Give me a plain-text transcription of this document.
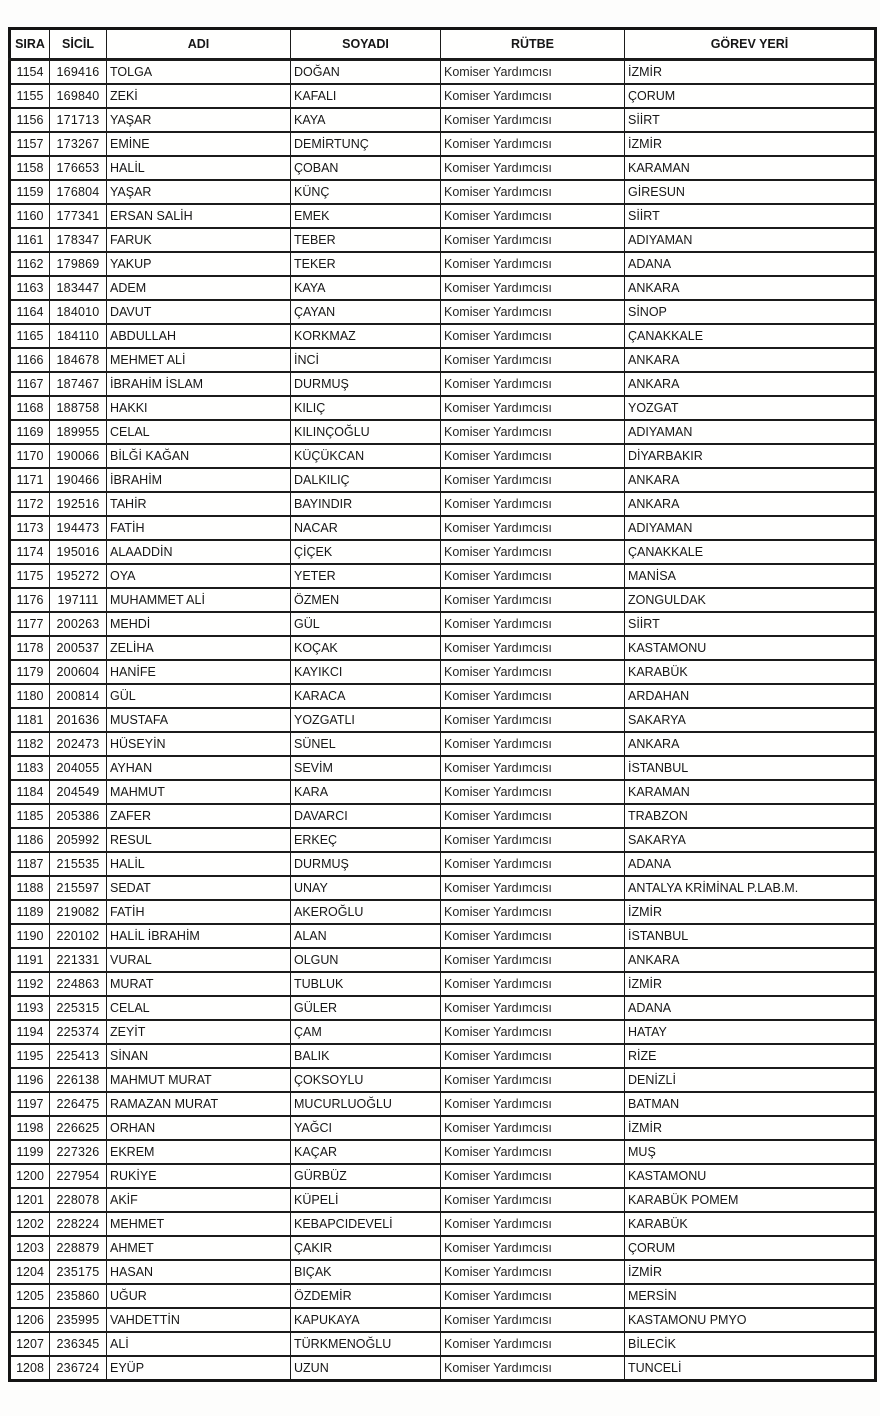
SIRA	SİCİL	ADI	SOYADI	RÜTBE	GÖREV YERİ
1154	169416	TOLGA	DOĞAN	Komiser Yardımcısı	İZMİR
1155	169840	ZEKİ	KAFALI	Komiser Yardımcısı	ÇORUM
1156	171713	YAŞAR	KAYA	Komiser Yardımcısı	SİİRT
1157	173267	EMİNE	DEMİRTUNÇ	Komiser Yardımcısı	İZMİR
1158	176653	HALİL	ÇOBAN	Komiser Yardımcısı	KARAMAN
1159	176804	YAŞAR	KÜNÇ	Komiser Yardımcısı	GİRESUN
1160	177341	ERSAN SALİH	EMEK	Komiser Yardımcısı	SİİRT
1161	178347	FARUK	TEBER	Komiser Yardımcısı	ADIYAMAN
1162	179869	YAKUP	TEKER	Komiser Yardımcısı	ADANA
1163	183447	ADEM	KAYA	Komiser Yardımcısı	ANKARA
1164	184010	DAVUT	ÇAYAN	Komiser Yardımcısı	SİNOP
1165	184110	ABDULLAH	KORKMAZ	Komiser Yardımcısı	ÇANAKKALE
1166	184678	MEHMET ALİ	İNCİ	Komiser Yardımcısı	ANKARA
1167	187467	İBRAHİM İSLAM	DURMUŞ	Komiser Yardımcısı	ANKARA
1168	188758	HAKKI	KILIÇ	Komiser Yardımcısı	YOZGAT
1169	189955	CELAL	KILINÇOĞLU	Komiser Yardımcısı	ADIYAMAN
1170	190066	BİLĞİ KAĞAN	KÜÇÜKCAN	Komiser Yardımcısı	DİYARBAKIR
1171	190466	İBRAHİM	DALKILIÇ	Komiser Yardımcısı	ANKARA
1172	192516	TAHİR	BAYINDIR	Komiser Yardımcısı	ANKARA
1173	194473	FATİH	NACAR	Komiser Yardımcısı	ADIYAMAN
1174	195016	ALAADDİN	ÇİÇEK	Komiser Yardımcısı	ÇANAKKALE
1175	195272	OYA	YETER	Komiser Yardımcısı	MANİSA
1176	197111	MUHAMMET ALİ	ÖZMEN	Komiser Yardımcısı	ZONGULDAK
1177	200263	MEHDİ	GÜL	Komiser Yardımcısı	SİİRT
1178	200537	ZELİHA	KOÇAK	Komiser Yardımcısı	KASTAMONU
1179	200604	HANİFE	KAYIKCI	Komiser Yardımcısı	KARABÜK
1180	200814	GÜL	KARACA	Komiser Yardımcısı	ARDAHAN
1181	201636	MUSTAFA	YOZGATLI	Komiser Yardımcısı	SAKARYA
1182	202473	HÜSEYİN	SÜNEL	Komiser Yardımcısı	ANKARA
1183	204055	AYHAN	SEVİM	Komiser Yardımcısı	İSTANBUL
1184	204549	MAHMUT	KARA	Komiser Yardımcısı	KARAMAN
1185	205386	ZAFER	DAVARCI	Komiser Yardımcısı	TRABZON
1186	205992	RESUL	ERKEÇ	Komiser Yardımcısı	SAKARYA
1187	215535	HALİL	DURMUŞ	Komiser Yardımcısı	ADANA
1188	215597	SEDAT	UNAY	Komiser Yardımcısı	ANTALYA KRİMİNAL P.LAB.M.
1189	219082	FATİH	AKEROĞLU	Komiser Yardımcısı	İZMİR
1190	220102	HALİL İBRAHİM	ALAN	Komiser Yardımcısı	İSTANBUL
1191	221331	VURAL	OLGUN	Komiser Yardımcısı	ANKARA
1192	224863	MURAT	TUBLUK	Komiser Yardımcısı	İZMİR
1193	225315	CELAL	GÜLER	Komiser Yardımcısı	ADANA
1194	225374	ZEYİT	ÇAM	Komiser Yardımcısı	HATAY
1195	225413	SİNAN	BALIK	Komiser Yardımcısı	RİZE
1196	226138	MAHMUT MURAT	ÇOKSOYLU	Komiser Yardımcısı	DENİZLİ
1197	226475	RAMAZAN MURAT	MUCURLUOĞLU	Komiser Yardımcısı	BATMAN
1198	226625	ORHAN	YAĞCI	Komiser Yardımcısı	İZMİR
1199	227326	EKREM	KAÇAR	Komiser Yardımcısı	MUŞ
1200	227954	RUKİYE	GÜRBÜZ	Komiser Yardımcısı	KASTAMONU
1201	228078	AKİF	KÜPELİ	Komiser Yardımcısı	KARABÜK POMEM
1202	228224	MEHMET	KEBAPCIDEVELİ	Komiser Yardımcısı	KARABÜK
1203	228879	AHMET	ÇAKIR	Komiser Yardımcısı	ÇORUM
1204	235175	HASAN	BIÇAK	Komiser Yardımcısı	İZMİR
1205	235860	UĞUR	ÖZDEMİR	Komiser Yardımcısı	MERSİN
1206	235995	VAHDETTİN	KAPUKAYA	Komiser Yardımcısı	KASTAMONU PMYO
1207	236345	ALİ	TÜRKMENOĞLU	Komiser Yardımcısı	BİLECİK
1208	236724	EYÜP	UZUN	Komiser Yardımcısı	TUNCELİ
